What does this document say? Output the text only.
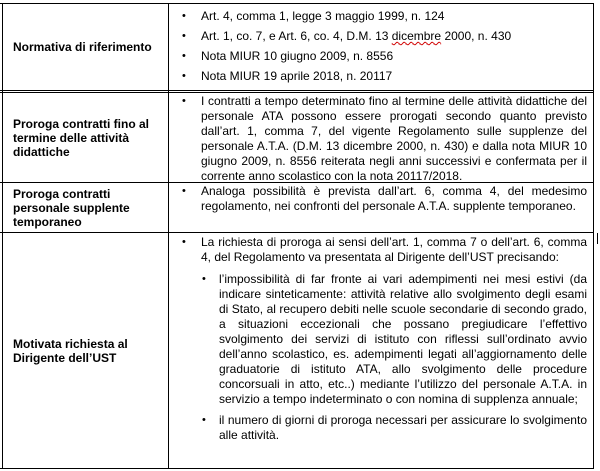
Normativa di riferimento
• Art. 4, comma 1, legge 3 maggio 1999, n. 124
• Art. 1, co. 7, e Art. 6, co. 4, D.M. 13 dicembre 2000, n. 430
• Nota MIUR 10 giugno 2009, n. 8556
• Nota MIUR 19 aprile 2018, n. 20117
Proroga contratti fino al termine delle attività didattiche
• I contratti a tempo determinato fino al termine delle attività didattiche del personale ATA possono essere prorogati secondo quanto previsto dall’art. 1, comma 7, del vigente Regolamento sulle supplenze del personale A.T.A. (D.M. 13 dicembre 2000, n. 430) e dalla nota MIUR 10 giugno 2009, n. 8556 reiterata negli anni successivi e confermata per il corrente anno scolastico con la nota 20117/2018.
Proroga contratti personale supplente temporaneo
• Analoga possibilità è prevista dall’art. 6, comma 4, del medesimo regolamento, nei confronti del personale A.T.A. supplente temporaneo.
Motivata richiesta al Dirigente dell’UST
• La richiesta di proroga ai sensi dell’art. 1, comma 7 o dell’art. 6, comma 4, del Regolamento va presentata al Dirigente dell’UST precisando:
• l’impossibilità di far fronte ai vari adempimenti nei mesi estivi (da indicare sinteticamente: attività relative allo svolgimento degli esami di Stato, al recupero debiti nelle scuole secondarie di secondo grado, a situazioni eccezionali che possano pregiudicare l’effettivo svolgimento dei servizi di istituto con riflessi sull’ordinato avvio dell’anno scolastico, es. adempimenti legati all’aggiornamento delle graduatorie di istituto ATA, allo svolgimento delle procedure concorsuali in atto, etc..) mediante l’utilizzo del personale A.T.A. in servizio a tempo indeterminato o con nomina di supplenza annuale;
• il numero di giorni di proroga necessari per assicurare lo svolgimento alle attività.
